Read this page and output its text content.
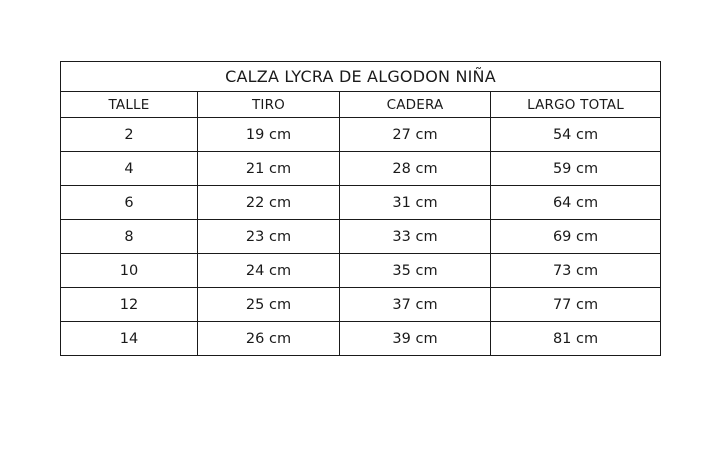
CALZA LYCRA DE ALGODON NIÑA			
TALLE	TIRO	CADERA	LARGO TOTAL
2	19 cm	27 cm	54 cm
4	21 cm	28 cm	59 cm
6	22 cm	31 cm	64 cm
8	23 cm	33 cm	69 cm
10	24 cm	35 cm	73 cm
12	25 cm	37 cm	77 cm
14	26 cm	39 cm	81 cm
